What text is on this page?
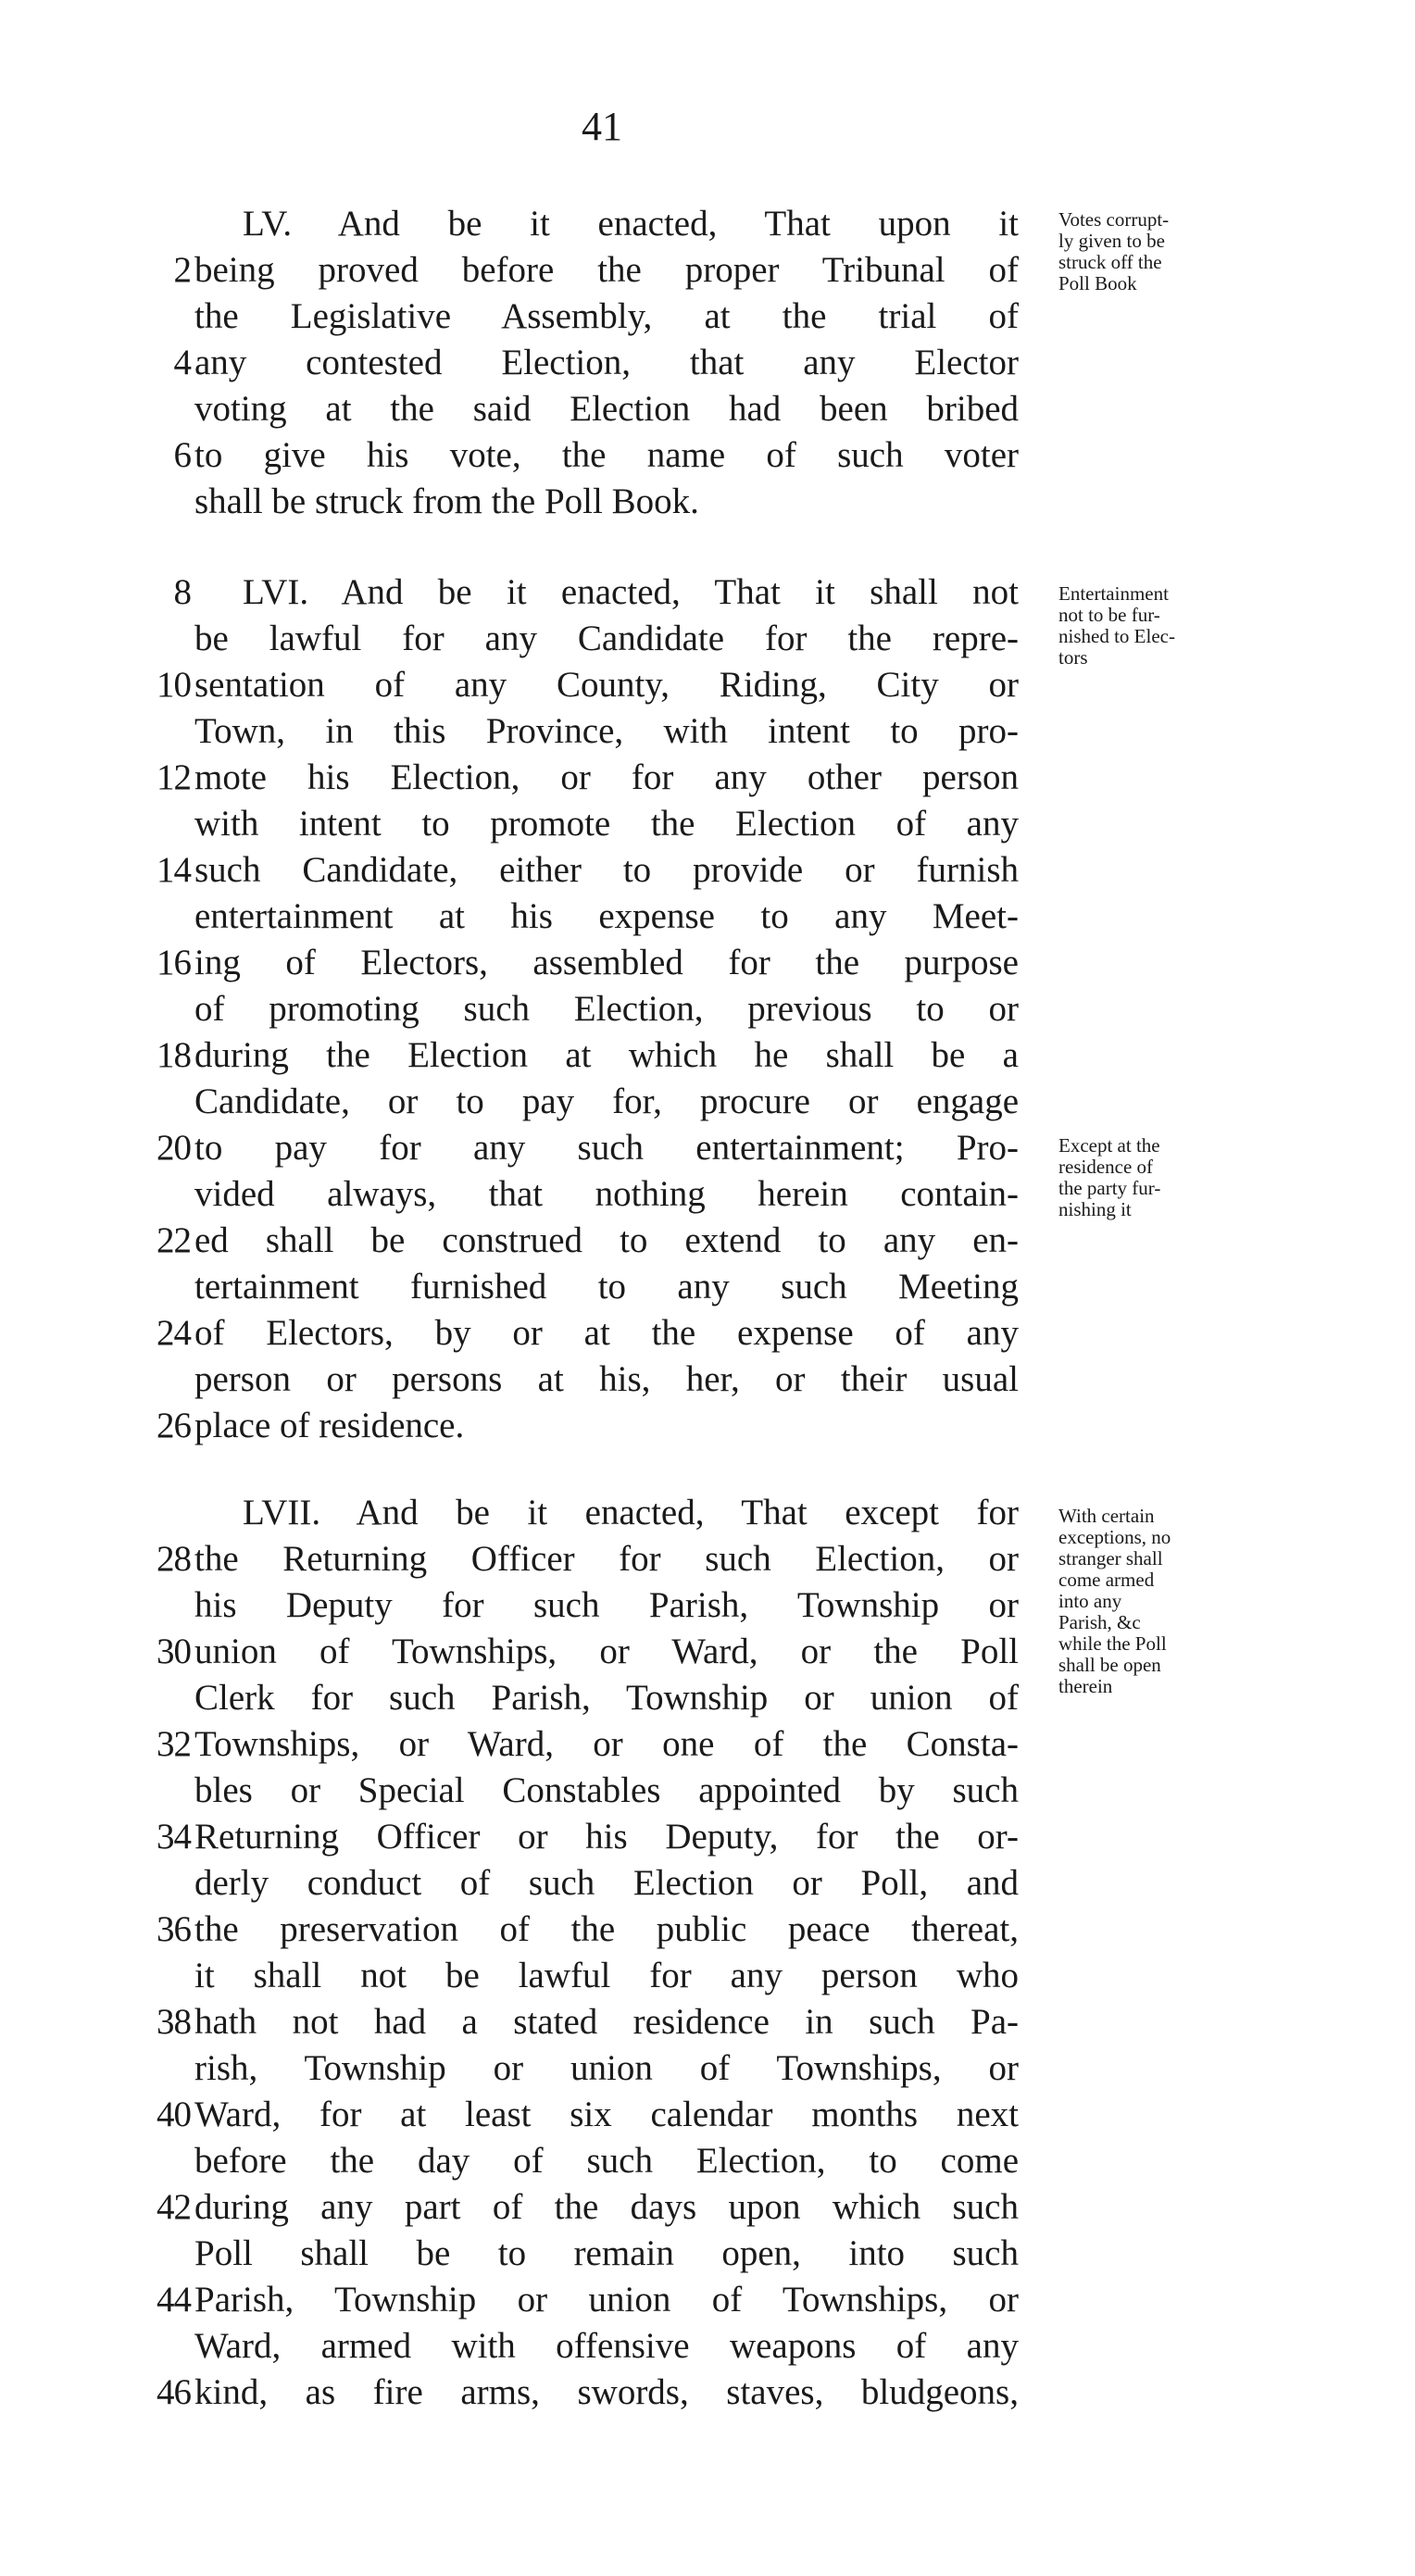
41
LV. And be it enacted, That upon it
2 being proved before the proper Tribunal of
the Legislative Assembly, at the trial of
4 any contested Election, that any Elector
voting at the said Election had been bribed
6 to give his vote, the name of such voter
shall be struck from the Poll Book.
Votes corrupt-
ly given to be
struck off the
Poll Book
8 LVI. And be it enacted, That it shall not
be lawful for any Candidate for the repre-
10 sentation of any County, Riding, City or
Town, in this Province, with intent to pro-
12 mote his Election, or for any other person
with intent to promote the Election of any
14 such Candidate, either to provide or furnish
entertainment at his expense to any Meet-
16 ing of Electors, assembled for the purpose
of promoting such Election, previous to or
18 during the Election at which he shall be a
Candidate, or to pay for, procure or engage
20 to pay for any such entertainment; Pro-
vided always, that nothing herein contain-
22 ed shall be construed to extend to any en-
tertainment furnished to any such Meeting
24 of Electors, by or at the expense of any
person or persons at his, her, or their usual
26 place of residence.
Entertainment
not to be fur-
nished to Elec-
tors
Except at the
residence of
the party fur-
nishing it
LVII. And be it enacted, That except for
28 the Returning Officer for such Election, or
his Deputy for such Parish, Township or
30 union of Townships, or Ward, or the Poll
Clerk for such Parish, Township or union of
32 Townships, or Ward, or one of the Consta-
bles or Special Constables appointed by such
34 Returning Officer or his Deputy, for the or-
derly conduct of such Election or Poll, and
36 the preservation of the public peace thereat,
it shall not be lawful for any person who
38 hath not had a stated residence in such Pa-
rish, Township or union of Townships, or
40 Ward, for at least six calendar months next
before the day of such Election, to come
42 during any part of the days upon which such
Poll shall be to remain open, into such
44 Parish, Township or union of Townships, or
Ward, armed with offensive weapons of any
46 kind, as fire arms, swords, staves, bludgeons,
With certain
exceptions, no
stranger shall
come armed
into any
Parish, &c
while the Poll
shall be open
therein
